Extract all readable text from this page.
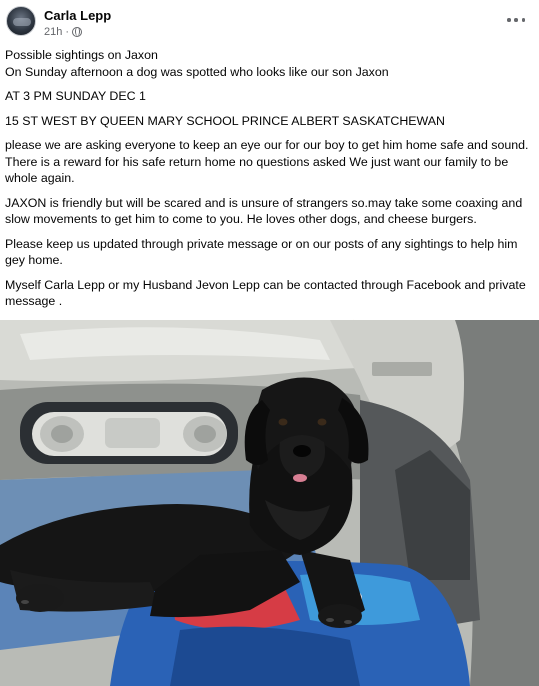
Carla Lepp
21h ·

Possible sightings on Jaxon

On Sunday afternoon a dog was spotted who looks like our son Jaxon

AT 3 PM SUNDAY DEC 1

15 ST WEST BY QUEEN MARY SCHOOL PRINCE ALBERT SASKATCHEWAN

please we are asking everyone to keep an eye our for our boy to get him home safe and sound. There is a reward for his safe return home no questions asked We just want our family to be whole again.

JAXON is friendly but will be scared and is unsure of strangers so.may take some coaxing and slow movements to get him to come to you. He loves other dogs, and cheese burgers.

Please keep us updated through private message or on our posts of any sightings to help him gey home.

Myself Carla Lepp or my Husband Jevon Lepp can be contacted through Facebook and private message .
